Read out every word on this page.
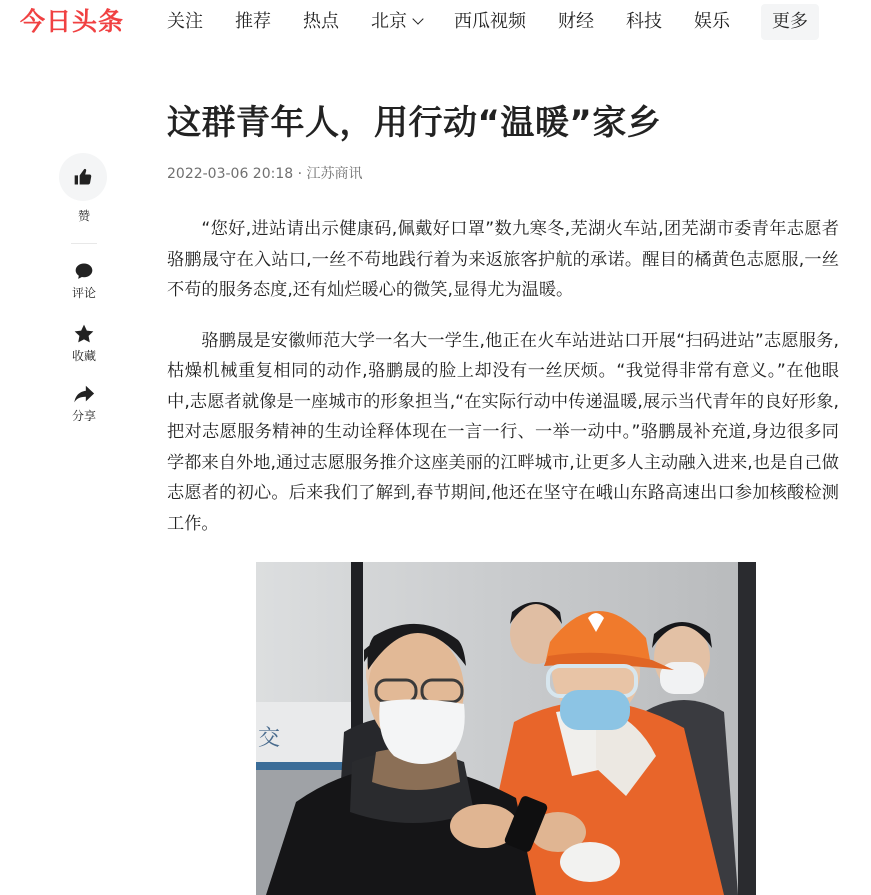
今日头条 关注 推荐 热点 北京	西瓜视频 财经 科技 娱乐	更多
赞
评论
收藏
分享
这群青年人，用行动“温暖”家乡
2022-03-06 20:18 · 江苏商讯

“您好,进站请出示健康码,佩戴好口罩”数九寒冬,芜湖火车站,团芜湖市委青年志愿者骆鹏晟守在入站口,一丝不苟地践行着为来返旅客护航的承诺。醒目的橘黄色志愿服,一丝不苟的服务态度,还有灿烂暖心的微笑,显得尤为温暖。

骆鹏晟是安徽师范大学一名大一学生,他正在火车站进站口开展“扫码进站”志愿服务,枯燥机械重复相同的动作,骆鹏晟的脸上却没有一丝厌烦。“我觉得非常有意义。”在他眼中,志愿者就像是一座城市的形象担当,“在实际行动中传递温暖,展示当代青年的良好形象,把对志愿服务精神的生动诠释体现在一言一行、一举一动中。”骆鹏晟补充道,身边很多同学都来自外地,通过志愿服务推介这座美丽的江畔城市,让更多人主动融入进来,也是自己做志愿者的初心。后来我们了解到,春节期间,他还在坚守在峨山东路高速出口参加核酸检测工作。

交
